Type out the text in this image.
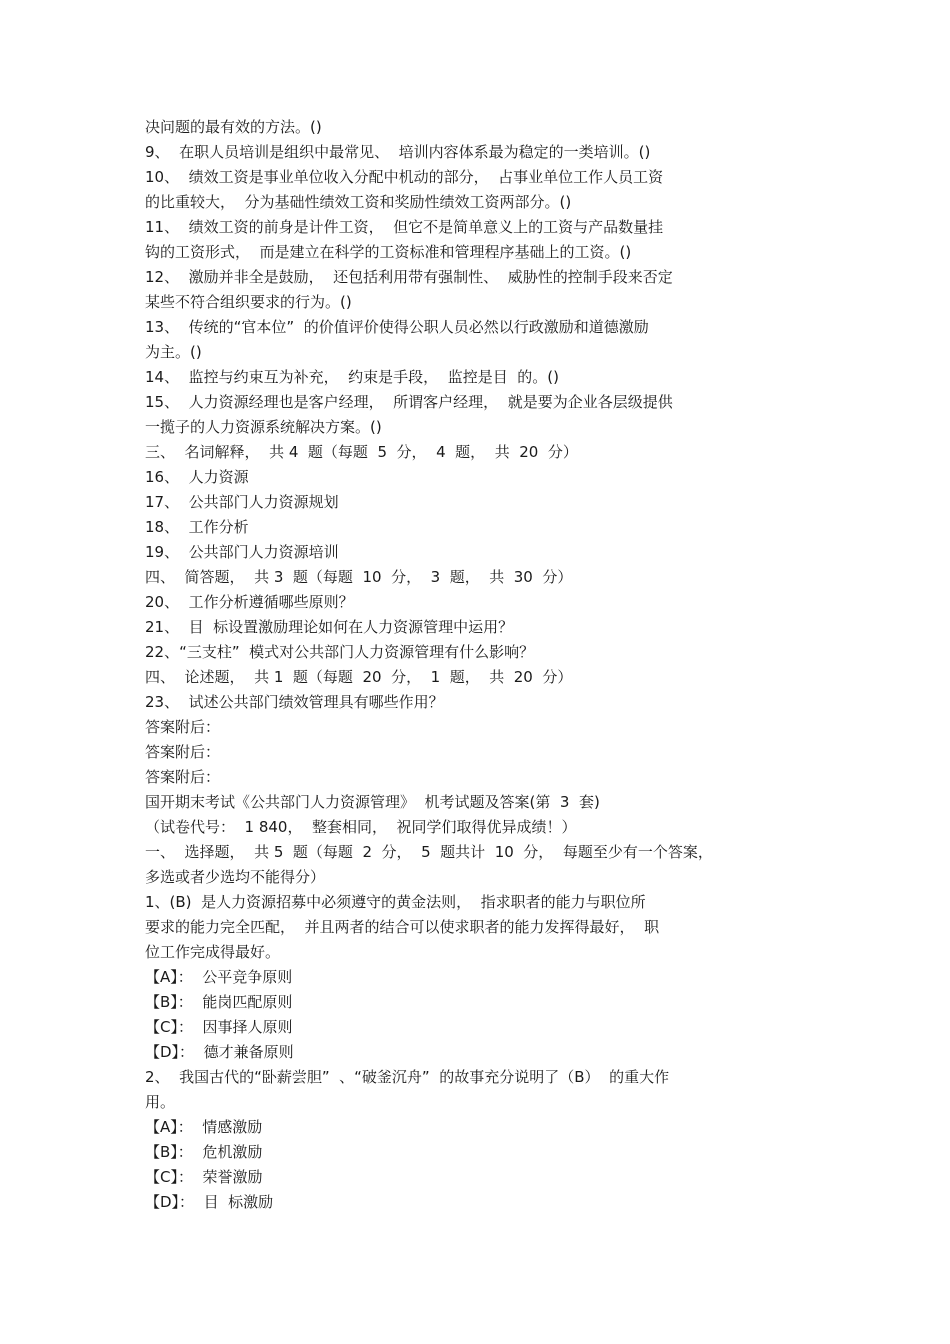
决问题的最有效的方法。()
9、  在职人员培训是组织中最常见、  培训内容体系最为稳定的一类培训。()
10、  绩效工资是事业单位收入分配中机动的部分，  占事业单位工作人员工资
的比重较大，  分为基础性绩效工资和奖励性绩效工资两部分。()
11、  绩效工资的前身是计件工资，  但它不是简单意义上的工资与产品数量挂
钩的工资形式，  而是建立在科学的工资标准和管理程序基础上的工资。()
12、  激励并非全是鼓励，  还包括利用带有强制性、  威胁性的控制手段来否定
某些不符合组织要求的行为。()
13、  传统的“官本位”  的价值评价使得公职人员必然以行政激励和道德激励
为主。()
14、  监控与约束互为补充，  约束是手段，  监控是目  的。()
15、  人力资源经理也是客户经理，  所谓客户经理，  就是要为企业各层级提供
一揽子的人力资源系统解决方案。()
三、  名词解释，  共 4  题（每题  5  分，  4  题，  共  20  分）
16、  人力资源
17、  公共部门人力资源规划
18、  工作分析
19、  公共部门人力资源培训
四、  简答题，  共 3  题（每题  10  分，  3  题，  共  30  分）
20、  工作分析遵循哪些原则？
21、  目  标设置激励理论如何在人力资源管理中运用？
22、“三支柱”  模式对公共部门人力资源管理有什么影响？
四、  论述题，  共 1  题（每题  20  分，  1  题，  共  20  分）
23、  试述公共部门绩效管理具有哪些作用？
答案附后：
答案附后：
答案附后：
国开期末考试《公共部门人力资源管理》  机考试题及答案(第  3  套)
（试卷代号：  1 840，  整套相同，  祝同学们取得优异成绩！）
一、  选择题，  共 5  题（每题  2  分，  5  题共计  10  分，  每题至少有一个答案，
多选或者少选均不能得分）
1、(B)  是人力资源招募中必须遵守的黄金法则，  指求职者的能力与职位所
要求的能力完全匹配，  并且两者的结合可以使求职者的能力发挥得最好，  职
位工作完成得最好。
【A】：  公平竞争原则
【B】：  能岗匹配原则
【C】：  因事择人原则
【D】：  德才兼备原则
2、  我国古代的“卧薪尝胆”  、“破釜沉舟”  的故事充分说明了（B）  的重大作
用。
【A】：  情感激励
【B】：  危机激励
【C】：  荣誉激励
【D】：  目  标激励
